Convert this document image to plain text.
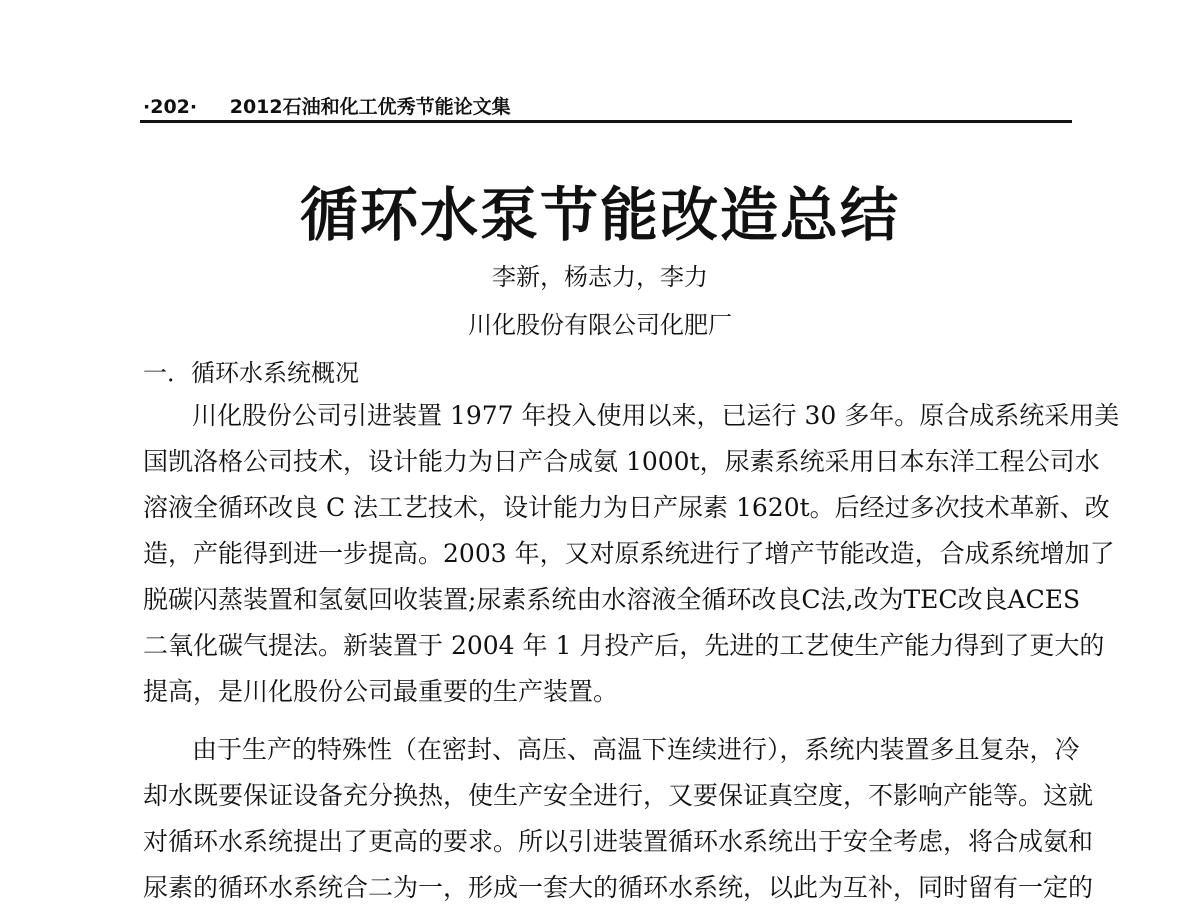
·202· 2012石油和化工优秀节能论文集
循环水泵节能改造总结
李新，杨志力，李力
川化股份有限公司化肥厂
一．循环水系统概况
川化股份公司引进装置 1977 年投入使用以来，已运行 30 多年。原合成系统采用美
国凯洛格公司技术，设计能力为日产合成氨 1000t，尿素系统采用日本东洋工程公司水
溶液全循环改良 C 法工艺技术，设计能力为日产尿素 1620t。后经过多次技术革新、改
造，产能得到进一步提高。2003 年，又对原系统进行了增产节能改造，合成系统增加了
脱碳闪蒸装置和氢氨回收装置;尿素系统由水溶液全循环改良C法,改为TEC改良ACES
二氧化碳气提法。新装置于 2004 年 1 月投产后，先进的工艺使生产能力得到了更大的
提高，是川化股份公司最重要的生产装置。
由于生产的特殊性（在密封、高压、高温下连续进行），系统内装置多且复杂，冷
却水既要保证设备充分换热，使生产安全进行，又要保证真空度，不影响产能等。这就
对循环水系统提出了更高的要求。所以引进装置循环水系统出于安全考虑，将合成氨和
尿素的循环水系统合二为一，形成一套大的循环水系统，以此为互补，同时留有一定的
